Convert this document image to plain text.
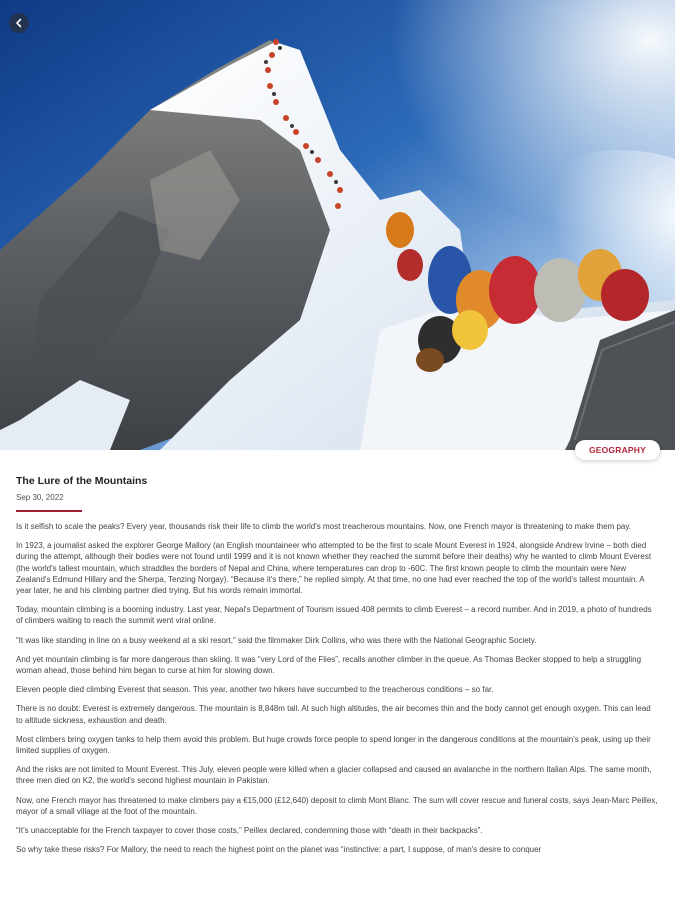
GEOGRAPHY
The Lure of the Mountains
Sep 30, 2022

Is it selfish to scale the peaks? Every year, thousands risk their life to climb the world's most treacherous mountains. Now, one French mayor is threatening to make them pay.

In 1923, a journalist asked the explorer George Mallory (an English mountaineer who attempted to be the first to scale Mount Everest in 1924, alongside Andrew Irvine – both died during the attempt, although their bodies were not found until 1999 and it is not known whether they reached the summit before their deaths) why he wanted to climb Mount Everest (the world's tallest mountain, which straddles the borders of Nepal and China, where temperatures can drop to -60C. The first known people to climb the mountain were New Zealand's Edmund Hillary and the Sherpa, Tenzing Norgay). “Because it's there,” he replied simply. At that time, no one had ever reached the top of the world's tallest mountain. A year later, he and his climbing partner died trying. But his words remain immortal.

Today, mountain climbing is a booming industry. Last year, Nepal's Department of Tourism issued 408 permits to climb Everest – a record number. And in 2019, a photo of hundreds of climbers waiting to reach the summit went viral online.

“It was like standing in line on a busy weekend at a ski resort,” said the filmmaker Dirk Collins, who was there with the National Geographic Society.

And yet mountain climbing is far more dangerous than skiing. It was “very Lord of the Flies”, recalls another climber in the queue. As Thomas Becker stopped to help a struggling woman ahead, those behind him began to curse at him for slowing down.

Eleven people died climbing Everest that season. This year, another two hikers have succumbed to the treacherous conditions – so far.

There is no doubt: Everest is extremely dangerous. The mountain is 8,848m tall. At such high altitudes, the air becomes thin and the body cannot get enough oxygen. This can lead to altitude sickness, exhaustion and death.

Most climbers bring oxygen tanks to help them avoid this problem. But huge crowds force people to spend longer in the dangerous conditions at the mountain's peak, using up their limited supplies of oxygen.

And the risks are not limited to Mount Everest. This July, eleven people were killed when a glacier collapsed and caused an avalanche in the northern Italian Alps. The same month, three men died on K2, the world's second highest mountain in Pakistan.

Now, one French mayor has threatened to make climbers pay a €15,000 (£12,640) deposit to climb Mont Blanc. The sum will cover rescue and funeral costs, says Jean-Marc Peillex, mayor of a small village at the foot of the mountain.

“It's unacceptable for the French taxpayer to cover those costs,” Peillex declared, condemning those with “death in their backpacks”.

So why take these risks? For Mallory, the need to reach the highest point on the planet was “instinctive: a part, I suppose, of man's desire to conquer
